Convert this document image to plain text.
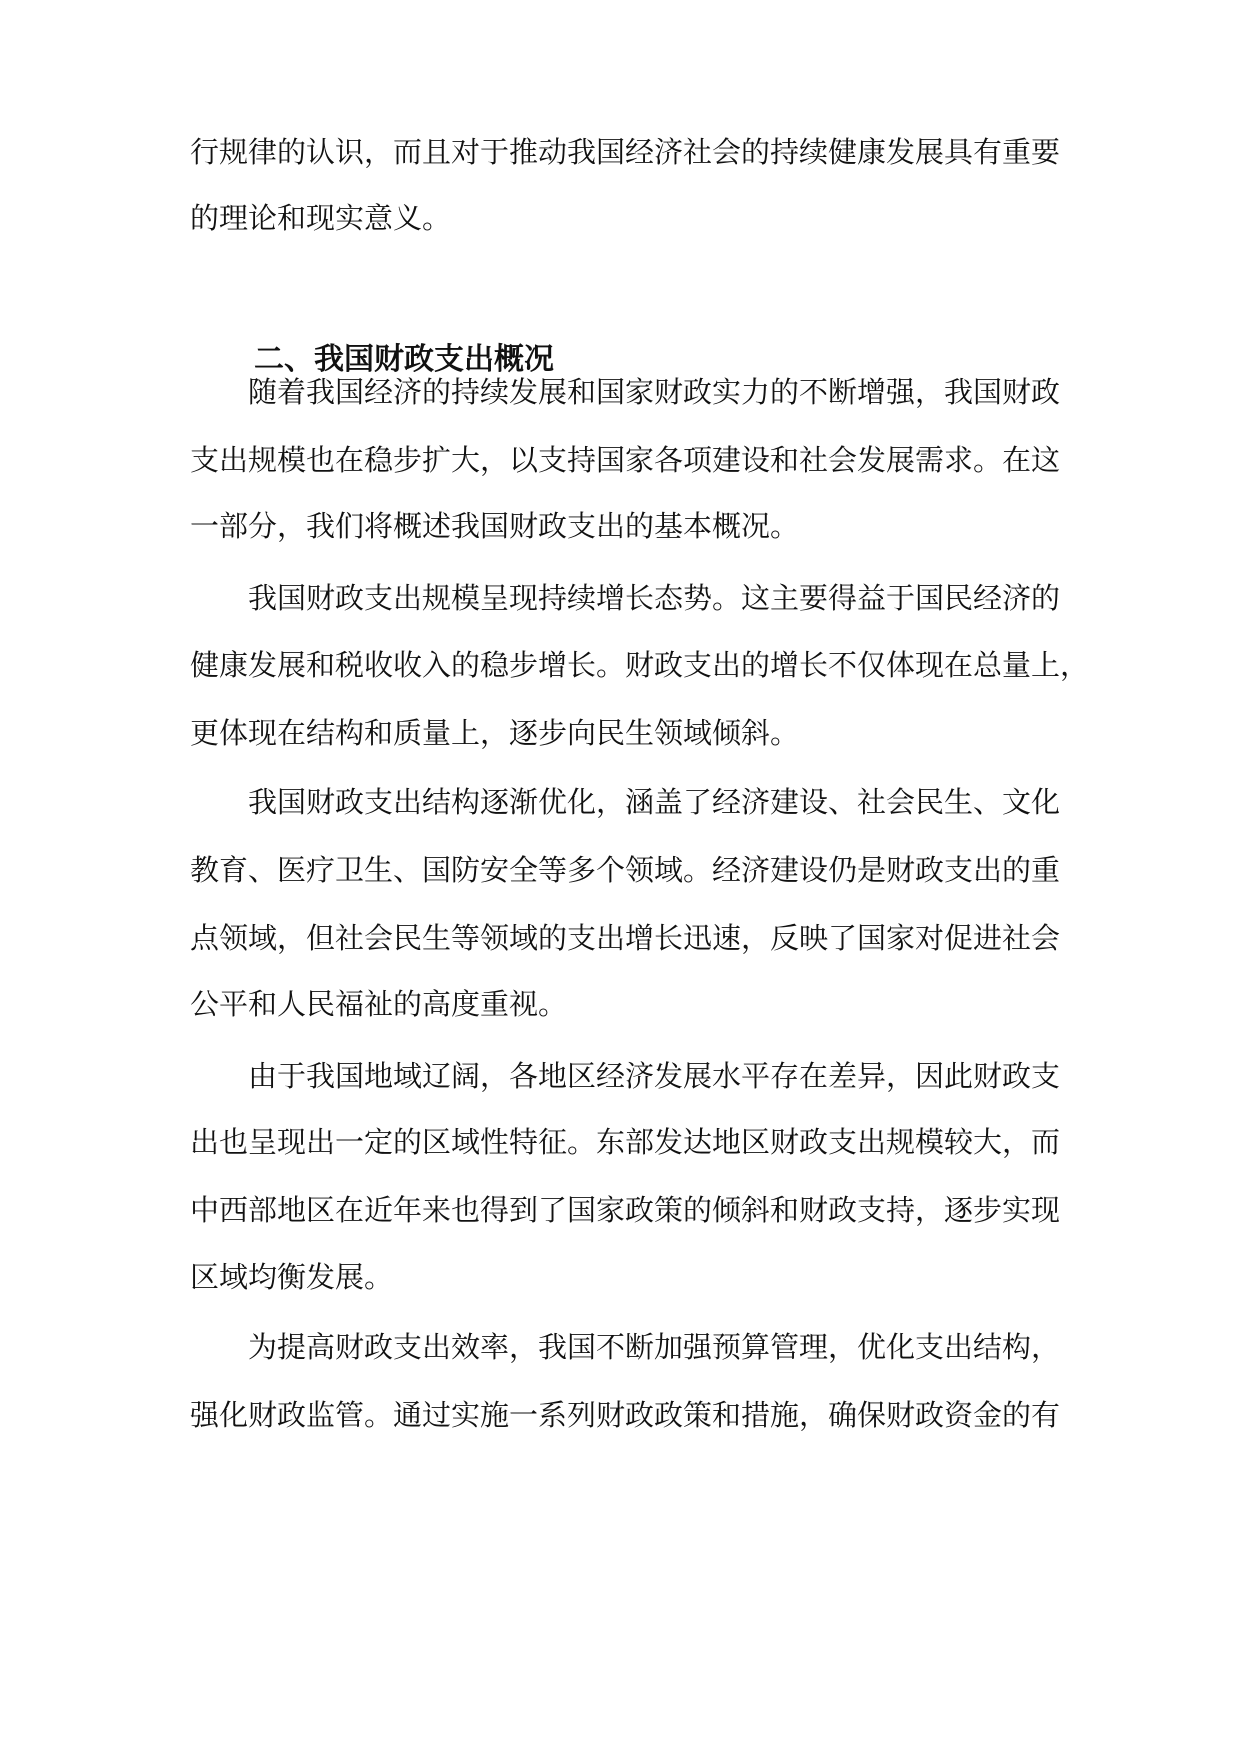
行规律的认识，而且对于推动我国经济社会的持续健康发展具有重要
的理论和现实意义。
二、我国财政支出概况
随着我国经济的持续发展和国家财政实力的不断增强，我国财政
支出规模也在稳步扩大，以支持国家各项建设和社会发展需求。在这
一部分，我们将概述我国财政支出的基本概况。
我国财政支出规模呈现持续增长态势。这主要得益于国民经济的
健康发展和税收收入的稳步增长。财政支出的增长不仅体现在总量上，
更体现在结构和质量上，逐步向民生领域倾斜。
我国财政支出结构逐渐优化，涵盖了经济建设、社会民生、文化
教育、医疗卫生、国防安全等多个领域。经济建设仍是财政支出的重
点领域，但社会民生等领域的支出增长迅速，反映了国家对促进社会
公平和人民福祉的高度重视。
由于我国地域辽阔，各地区经济发展水平存在差异，因此财政支
出也呈现出一定的区域性特征。东部发达地区财政支出规模较大，而
中西部地区在近年来也得到了国家政策的倾斜和财政支持，逐步实现
区域均衡发展。
为提高财政支出效率，我国不断加强预算管理，优化支出结构，
强化财政监管。通过实施一系列财政政策和措施，确保财政资金的有
